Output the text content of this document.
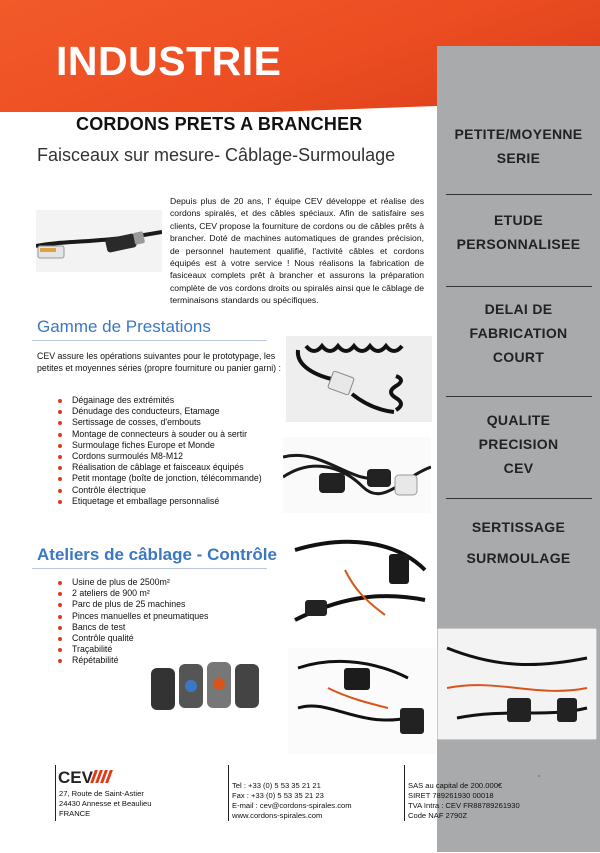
INDUSTRIE
PETITE/MOYENNE
SERIE
ETUDE
PERSONNALISEE
DELAI DE
FABRICATION
COURT
QUALITE
PRECISION
CEV
SERTISSAGE
SURMOULAGE
CORDONS PRETS A BRANCHER
Faisceaux sur mesure- Câblage-Surmoulage
Depuis plus de 20 ans, l' équipe CEV développe et réalise des cordons spiralés, et des câbles spéciaux. Afin de satisfaire ses clients, CEV propose la fourniture de cordons ou de câbles prêts à brancher. Doté de machines automatiques de grandes précision, de personnel hautement qualifié, l'activité câbles et cordons équipés est à votre service ! Nous réalisons la fabrication de fasiceaux complets prêt à brancher et assurons la préparation complète de vos cordons droits ou spiralés ainsi que le câblage de terminaisons standards ou spécifiques.
Gamme de Prestations
CEV assure les opérations suivantes pour le prototypage, les petites et moyennes séries (propre fourniture ou panier garni) :
Dégainage des extrémités
Dénudage des conducteurs, Etamage
Sertissage de cosses, d'embouts
Montage de connecteurs à souder ou à sertir
Surmoulage fiches Europe et Monde
Cordons surmoulés M8-M12
Réalisation de câblage et faisceaux équipés
Petit montage (boîte de jonction, télécommande)
Contrôle électrique
Etiquetage et emballage personnalisé
Ateliers de câblage - Contrôle
Usine de plus de 2500m²
2 ateliers de 900 m²
Parc de plus de 25 machines
Pinces manuelles et pneumatiques
Bancs de test
Contrôle qualité
Traçabilité
Répétabilité
CEV
27, Route de Saint-Astier
24430 Annesse et Beaulieu
FRANCE
Tel : +33 (0) 5 53 35 21 21
Fax : +33 (0) 5 53 35 21 23
E-mail : cev@cordons-spirales.com
www.cordons-spirales.com
SAS au capital de 200.000€
SIRET 789261930 00018
TVA Intra : CEV FR88789261930
Code NAF 2790Z
